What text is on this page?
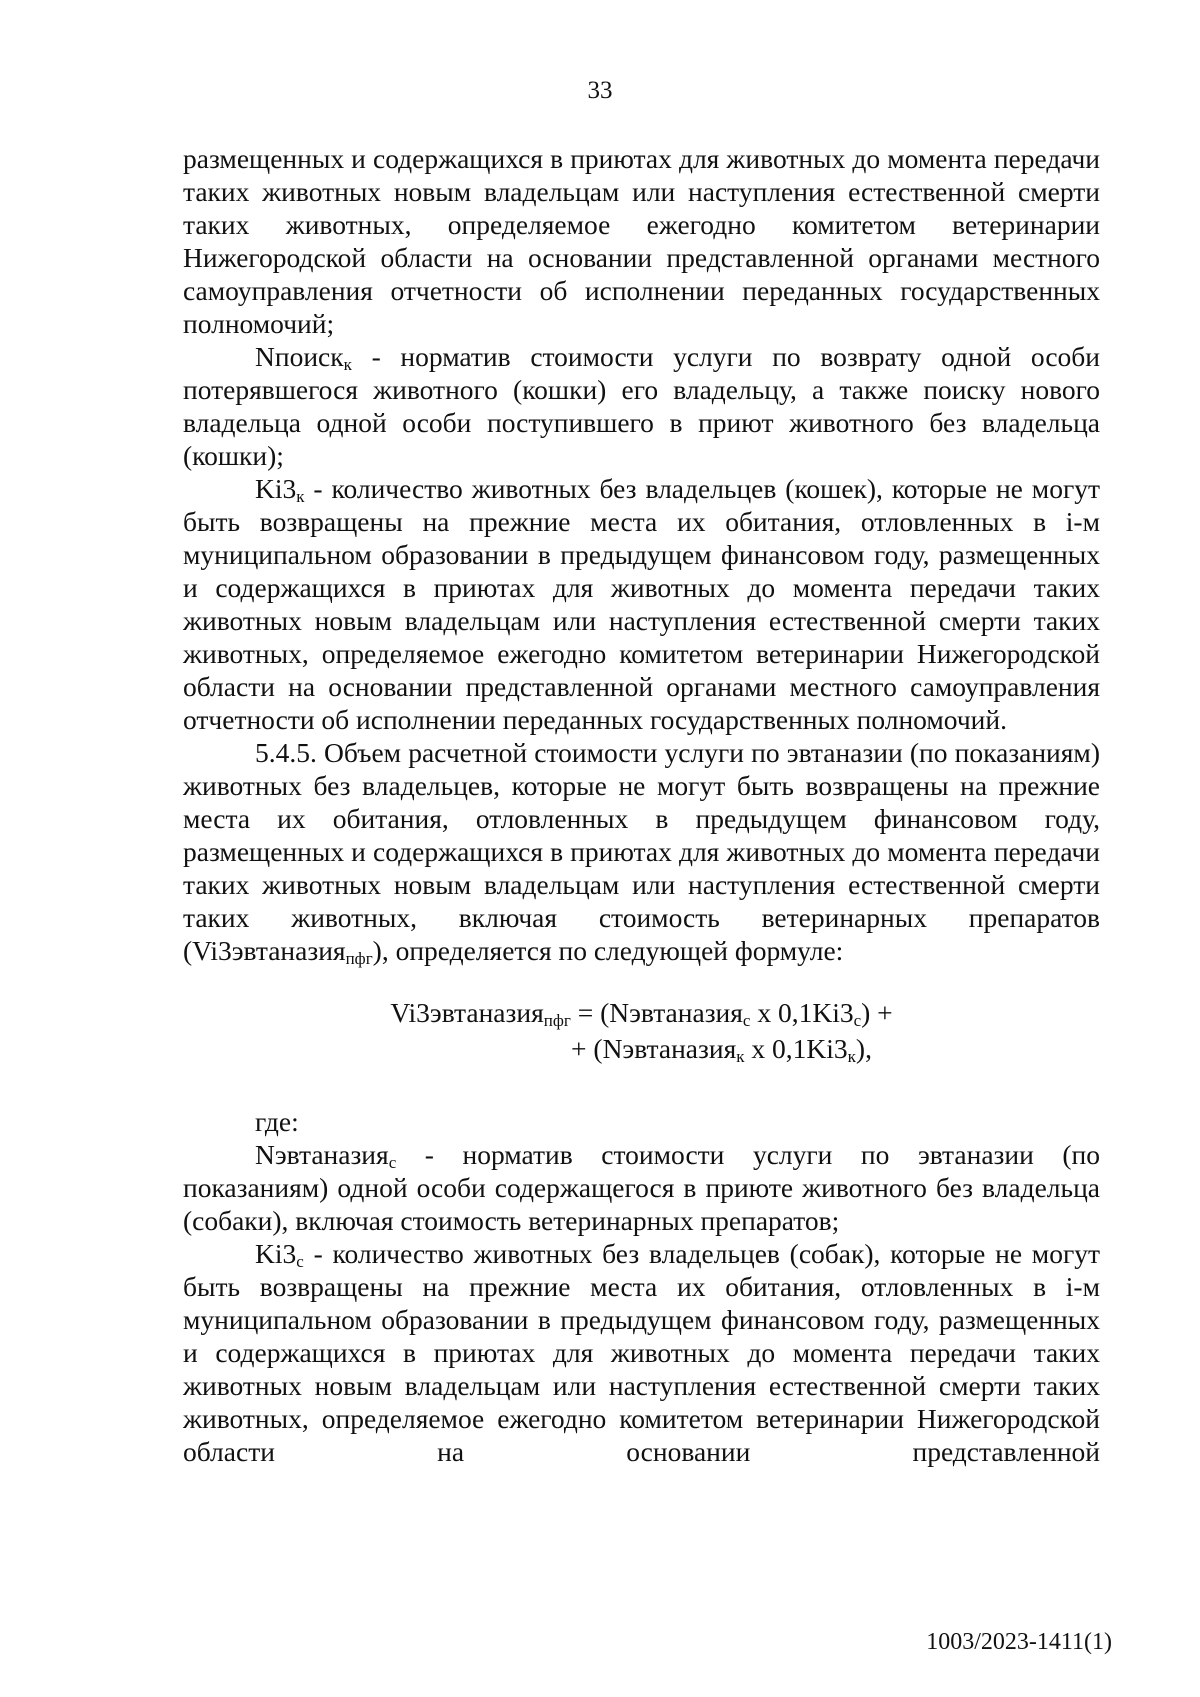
33

размещенных и содержащихся в приютах для животных до момента передачи таких животных новым владельцам или наступления естественной смерти таких животных, определяемое ежегодно комитетом ветеринарии Нижегородской области на основании представленной органами местного самоуправления отчетности об исполнении переданных государственных полномочий;

Nпоиск$_к$ - норматив стоимости услуги по возврату одной особи потерявшегося животного (кошки) его владельцу, а также поиску нового владельца одной особи поступившего в приют животного без владельца (кошки);

$Ki3_к$ - количество животных без владельцев (кошек), которые не могут быть возвращены на прежние места их обитания, отловленных в i-м муниципальном образовании в предыдущем финансовом году, размещенных и содержащихся в приютах для животных до момента передачи таких животных новым владельцам или наступления естественной смерти таких животных, определяемое ежегодно комитетом ветеринарии Нижегородской области на основании представленной органами местного самоуправления отчетности об исполнении переданных государственных полномочий.

5.4.5. Объем расчетной стоимости услуги по эвтаназии (по показаниям) животных без владельцев, которые не могут быть возвращены на прежние места их обитания, отловленных в предыдущем финансовом году, размещенных и содержащихся в приютах для животных до момента передачи таких животных новым владельцам или наступления естественной смерти таких животных, включая стоимость ветеринарных препаратов (Vi3эвтаназия$_{пфг}$), определяется по следующей формуле:

Vi3эвтаназия$_{пфг}$ = (Nэвтаназия$_с$ x $0,1Ki3_с$) +
+ (Nэвтаназия$_к$ x $0,1Ki3_к$),

где:

Nэвтаназия$_с$ - норматив стоимости услуги по эвтаназии (по показаниям) одной особи содержащегося в приюте животного без владельца (собаки), включая стоимость ветеринарных препаратов;

$Ki3_с$ - количество животных без владельцев (собак), которые не могут быть возвращены на прежние места их обитания, отловленных в i-м муниципальном образовании в предыдущем финансовом году, размещенных и содержащихся в приютах для животных до момента передачи таких животных новым владельцам или наступления естественной смерти таких животных, определяемое ежегодно комитетом ветеринарии Нижегородской области на основании представленной

1003/2023-1411(1)
